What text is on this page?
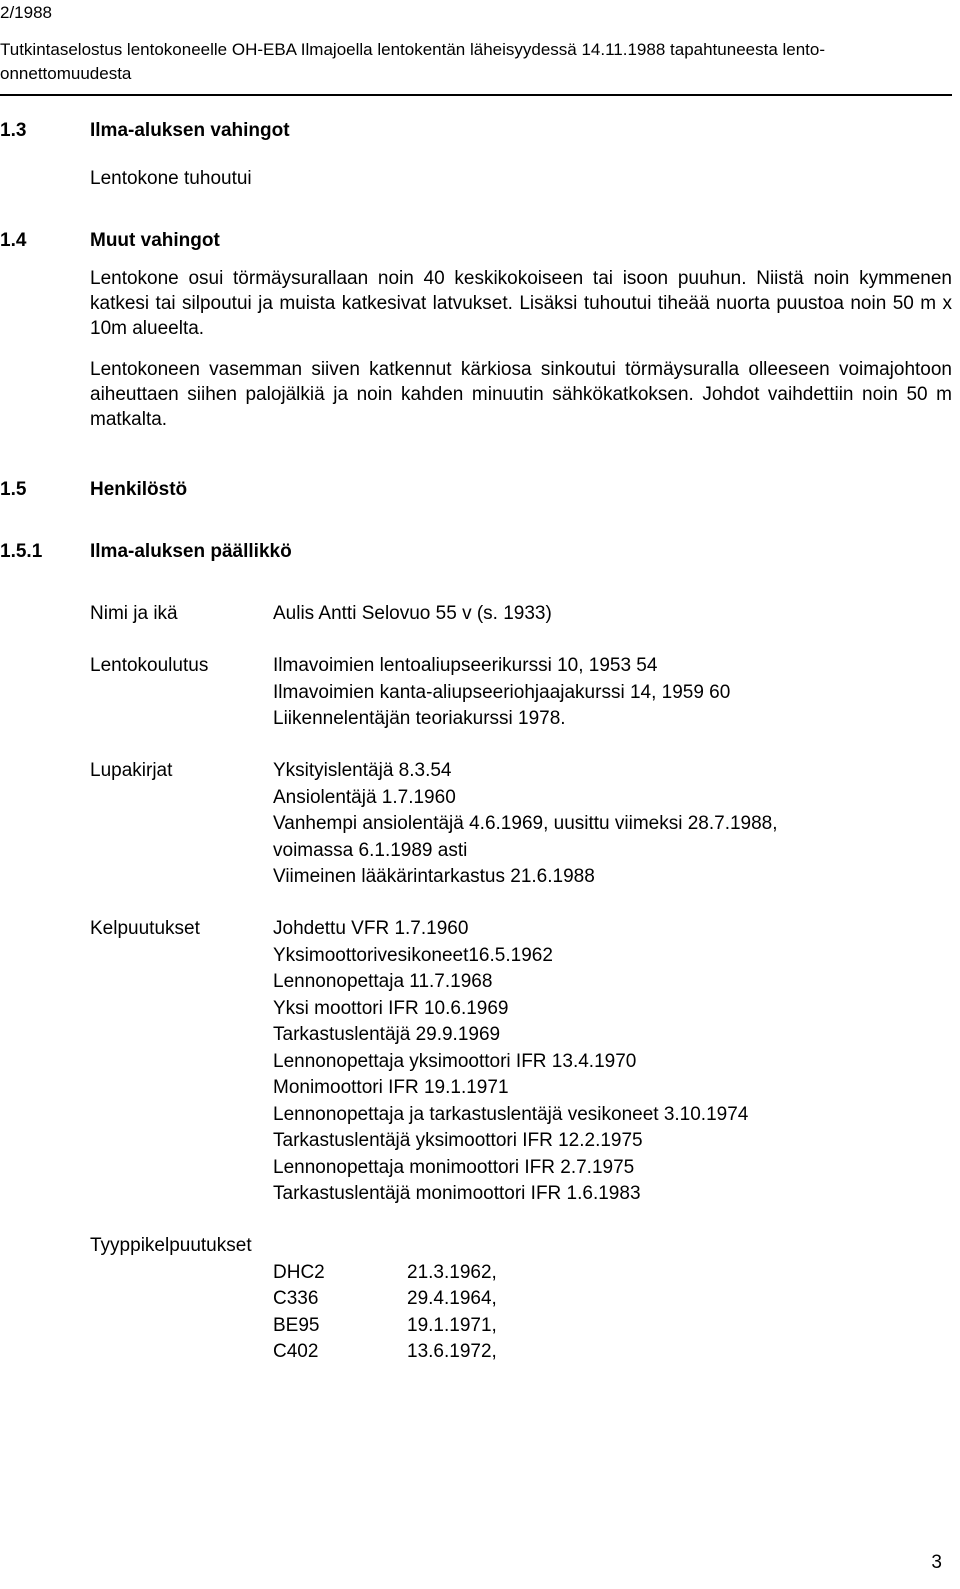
2/1988
Tutkintaselostus lentokoneelle OH-EBA Ilmajoella lentokentän läheisyydessä 14.11.1988 tapahtuneesta lento-onnettomuudesta
1.3	Ilma-aluksen vahingot
Lentokone tuhoutui
1.4	Muut vahingot
Lentokone osui törmäysurallaan noin 40 keskikokoiseen tai isoon puuhun. Niistä noin kymmenen katkesi tai silpoutui ja muista katkesivat latvukset. Lisäksi tuhoutui tiheää nuorta puustoa noin 50 m x 10m alueelta.
Lentokoneen vasemman siiven katkennut kärkiosa sinkoutui törmäysuralla olleeseen voimajohtoon aiheuttaen siihen palojälkiä ja noin kahden minuutin sähkökatkoksen. Johdot vaihdettiin noin 50 m matkalta.
1.5	Henkilöstö
1.5.1	Ilma-aluksen päällikkö
Nimi ja ikä	Aulis Antti Selovuo 55 v (s. 1933)
Lentokoulutus	Ilmavoimien lentoaliupseerikurssi 10, 1953 54
Ilmavoimien kanta-aliupseeriohjaajakurssi 14, 1959 60
Liikennelentäjän teoriakurssi 1978.
Lupakirjat	Yksityislentäjä 8.3.54
Ansiolentäjä 1.7.1960
Vanhempi ansiolentäjä 4.6.1969, uusittu viimeksi 28.7.1988,
voimassa 6.1.1989 asti
Viimeinen lääkärintarkastus 21.6.1988
Kelpuutukset	Johdettu VFR 1.7.1960
Yksimoottorivesikoneet16.5.1962
Lennonopettaja 11.7.1968
Yksi moottori IFR 10.6.1969
Tarkastuslentäjä 29.9.1969
Lennonopettaja yksimoottori IFR 13.4.1970
Monimoottori IFR 19.1.1971
Lennonopettaja ja tarkastuslentäjä vesikoneet 3.10.1974
Tarkastuslentäjä yksimoottori IFR 12.2.1975
Lennonopettaja monimoottori IFR 2.7.1975
Tarkastuslentäjä monimoottori IFR 1.6.1983
Tyyppikelpuutukset
DHC2	21.3.1962,
C336	29.4.1964,
BE95	19.1.1971,
C402	13.6.1972,
3
